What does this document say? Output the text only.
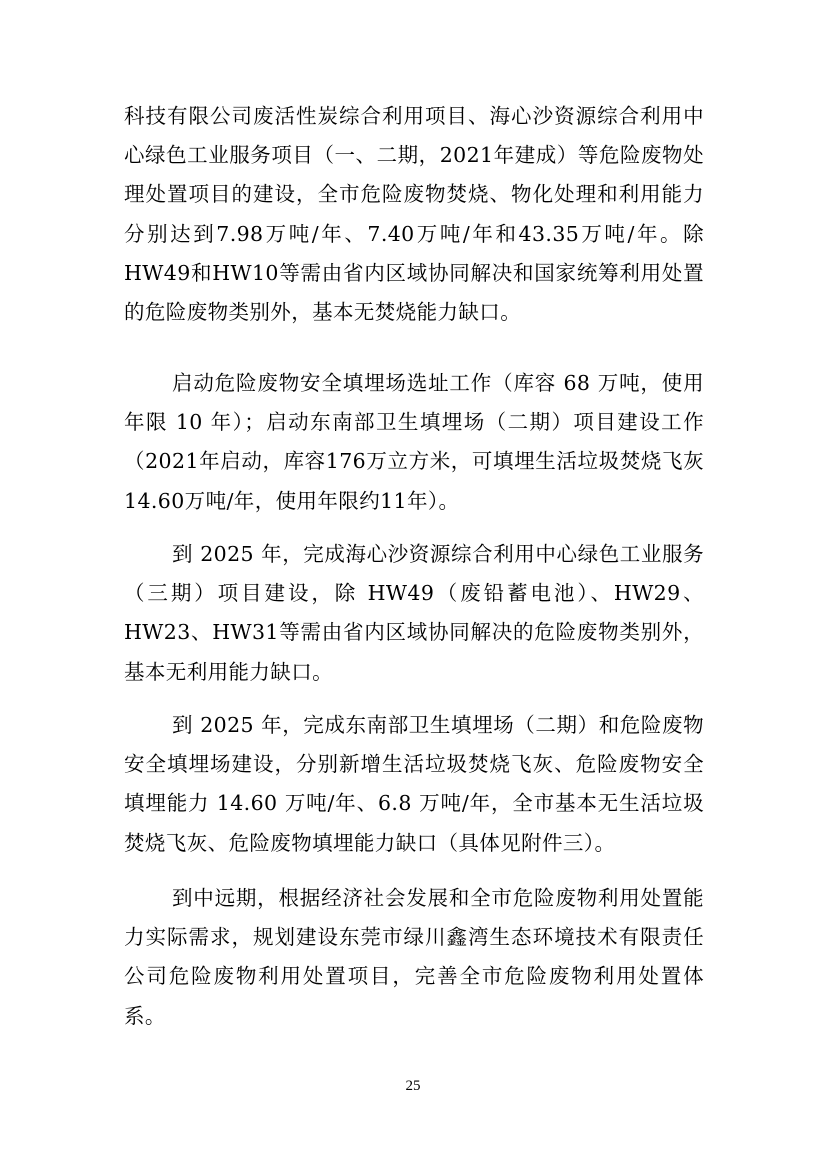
科技有限公司废活性炭综合利用项目、海心沙资源综合利用中心绿色工业服务项目（一、二期，2021年建成）等危险废物处理处置项目的建设，全市危险废物焚烧、物化处理和利用能力分别达到7.98万吨/年、7.40万吨/年和43.35万吨/年。除HW49和HW10等需由省内区域协同解决和国家统筹利用处置的危险废物类别外，基本无焚烧能力缺口。

启动危险废物安全填埋场选址工作（库容 68 万吨，使用年限 10 年）；启动东南部卫生填埋场（二期）项目建设工作（2021年启动，库容176万立方米，可填埋生活垃圾焚烧飞灰 14.60万吨/年，使用年限约11年）。

到 2025 年，完成海心沙资源综合利用中心绿色工业服务（三期）项目建设，除 HW49（废铅蓄电池）、HW29、HW23、HW31等需由省内区域协同解决的危险废物类别外，基本无利用能力缺口。

到 2025 年，完成东南部卫生填埋场（二期）和危险废物安全填埋场建设，分别新增生活垃圾焚烧飞灰、危险废物安全填埋能力 14.60 万吨/年、6.8 万吨/年，全市基本无生活垃圾焚烧飞灰、危险废物填埋能力缺口（具体见附件三）。

到中远期，根据经济社会发展和全市危险废物利用处置能力实际需求，规划建设东莞市绿川鑫湾生态环境技术有限责任公司危险废物利用处置项目，完善全市危险废物利用处置体系。

25
